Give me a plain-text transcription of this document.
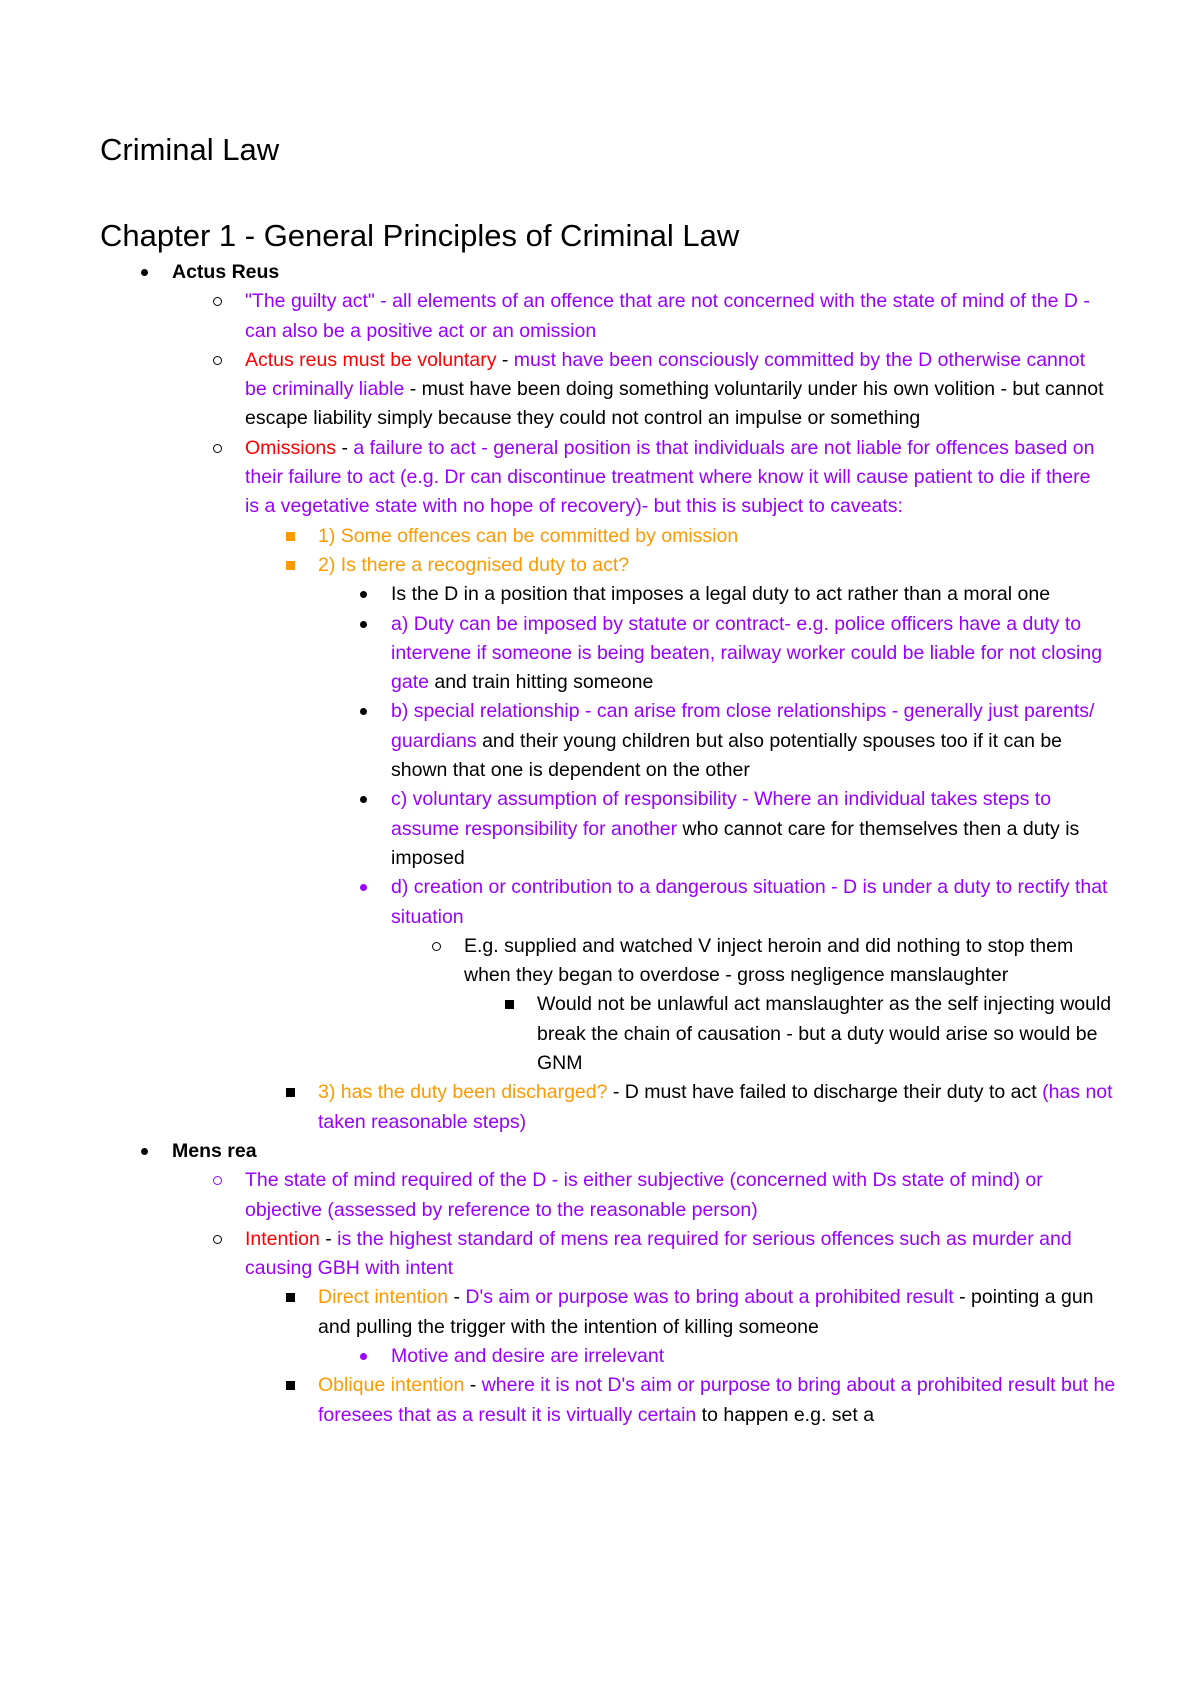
Criminal Law
Chapter 1 - General Principles of Criminal Law
Actus Reus
"The guilty act" - all elements of an offence that are not concerned with the state of mind of the D - can also be a positive act or an omission
Actus reus must be voluntary - must have been consciously committed by the D otherwise cannot be criminally liable - must have been doing something voluntarily under his own volition - but cannot escape liability simply because they could not control an impulse or something
Omissions - a failure to act - general position is that individuals are not liable for offences based on their failure to act (e.g. Dr can discontinue treatment where know it will cause patient to die if there is a vegetative state with no hope of recovery)- but this is subject to caveats:
1) Some offences can be committed by omission
2) Is there a recognised duty to act?
Is the D in a position that imposes a legal duty to act rather than a moral one
a) Duty can be imposed by statute or contract- e.g. police officers have a duty to intervene if someone is being beaten, railway worker could be liable for not closing gate and train hitting someone
b) special relationship - can arise from close relationships - generally just parents/ guardians and their young children but also potentially spouses too if it can be shown that one is dependent on the other
c) voluntary assumption of responsibility - Where an individual takes steps to assume responsibility for another who cannot care for themselves then a duty is imposed
d) creation or contribution to a dangerous situation - D is under a duty to rectify that situation
E.g. supplied and watched V inject heroin and did nothing to stop them when they began to overdose - gross negligence manslaughter
Would not be unlawful act manslaughter as the self injecting would break the chain of causation - but a duty would arise so would be GNM
3) has the duty been discharged? - D must have failed to discharge their duty to act (has not taken reasonable steps)
Mens rea
The state of mind required of the D - is either subjective (concerned with Ds state of mind) or objective (assessed by reference to the reasonable person)
Intention - is the highest standard of mens rea required for serious offences such as murder and causing GBH with intent
Direct intention - D's aim or purpose was to bring about a prohibited result - pointing a gun and pulling the trigger with the intention of killing someone
Motive and desire are irrelevant
Oblique intention - where it is not D's aim or purpose to bring about a prohibited result but he foresees that as a result it is virtually certain to happen e.g. set a
